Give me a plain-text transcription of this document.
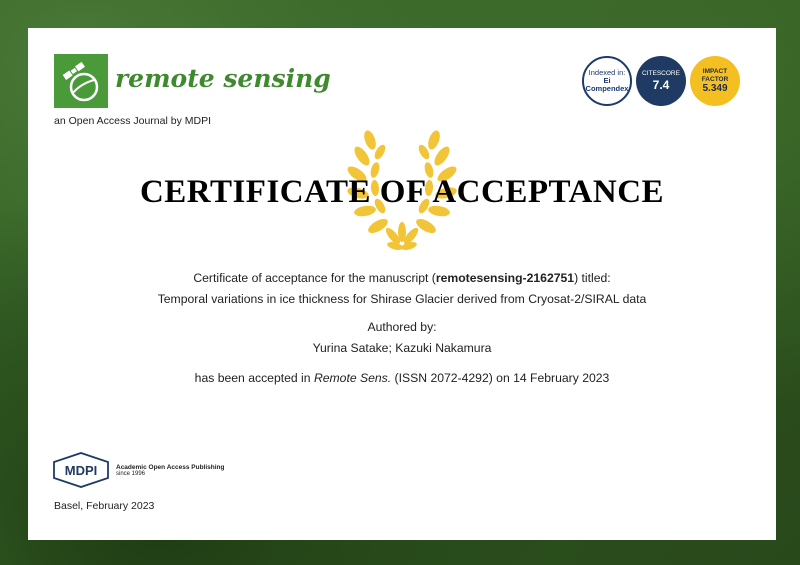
remote sensing
an Open Access Journal by MDPI
Indexed in:
Ei Compendex
CITESCORE
7.4
IMPACT
FACTOR
5.349
CERTIFICATE OF ACCEPTANCE
Certificate of acceptance for the manuscript (remotesensing-2162751) titled:
Temporal variations in ice thickness for Shirase Glacier derived from Cryosat-2/SIRAL data
Authored by:
Yurina Satake; Kazuki Nakamura
has been accepted in Remote Sens. (ISSN 2072-4292) on 14 February 2023
MDPI	Academic Open Access Publishing
since 1996
Basel, February 2023
